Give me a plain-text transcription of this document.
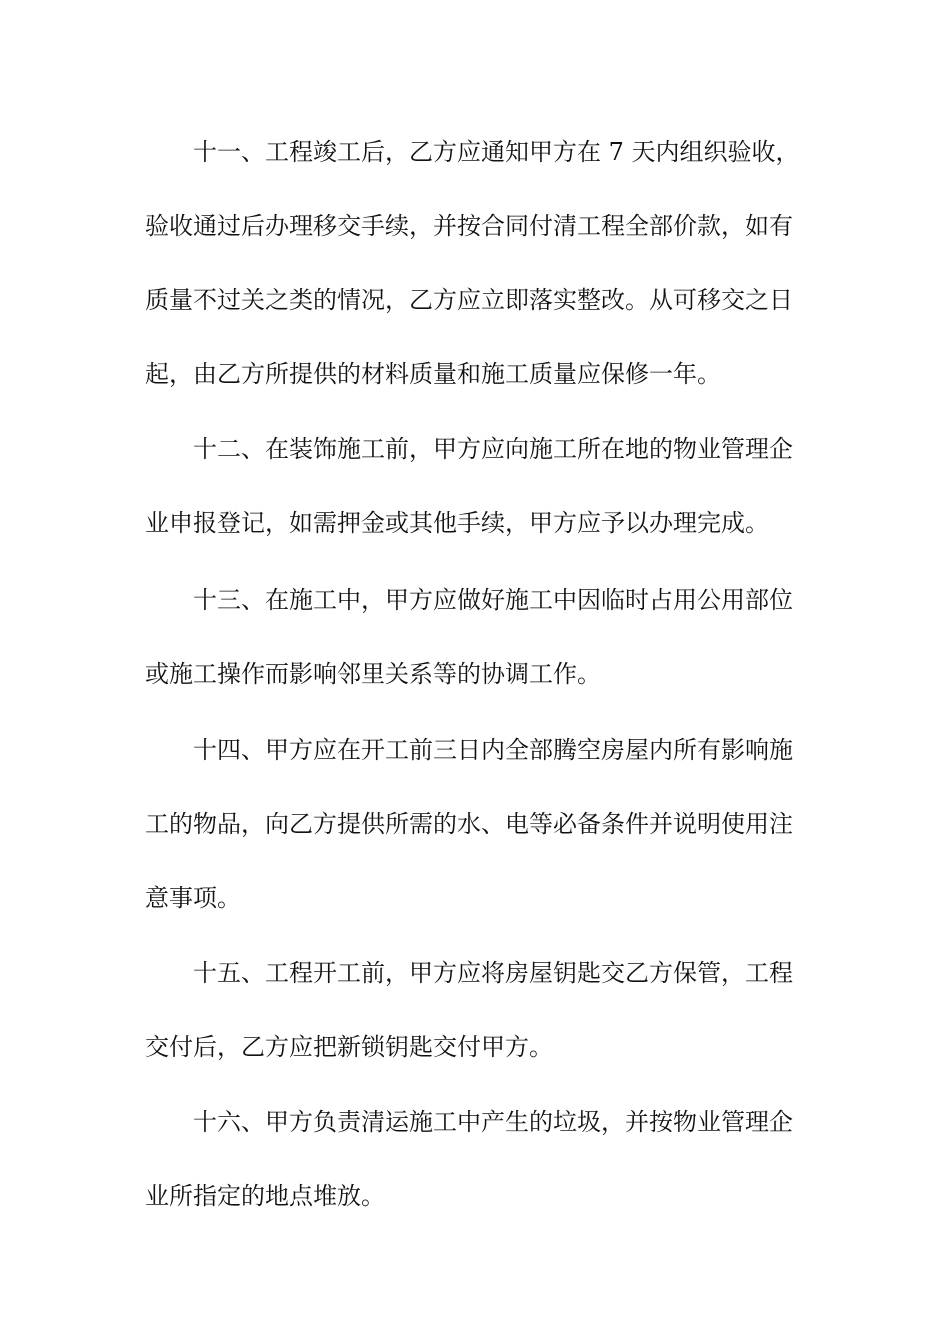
十一、工程竣工后，乙方应通知甲方在 7 天内组织验收，

验收通过后办理移交手续，并按合同付清工程全部价款，如有

质量不过关之类的情况，乙方应立即落实整改。从可移交之日

起，由乙方所提供的材料质量和施工质量应保修一年。

十二、在装饰施工前，甲方应向施工所在地的物业管理企

业申报登记，如需押金或其他手续，甲方应予以办理完成。

十三、在施工中，甲方应做好施工中因临时占用公用部位

或施工操作而影响邻里关系等的协调工作。

十四、甲方应在开工前三日内全部腾空房屋内所有影响施

工的物品，向乙方提供所需的水、电等必备条件并说明使用注

意事项。

十五、工程开工前，甲方应将房屋钥匙交乙方保管，工程

交付后，乙方应把新锁钥匙交付甲方。

十六、甲方负责清运施工中产生的垃圾，并按物业管理企

业所指定的地点堆放。
